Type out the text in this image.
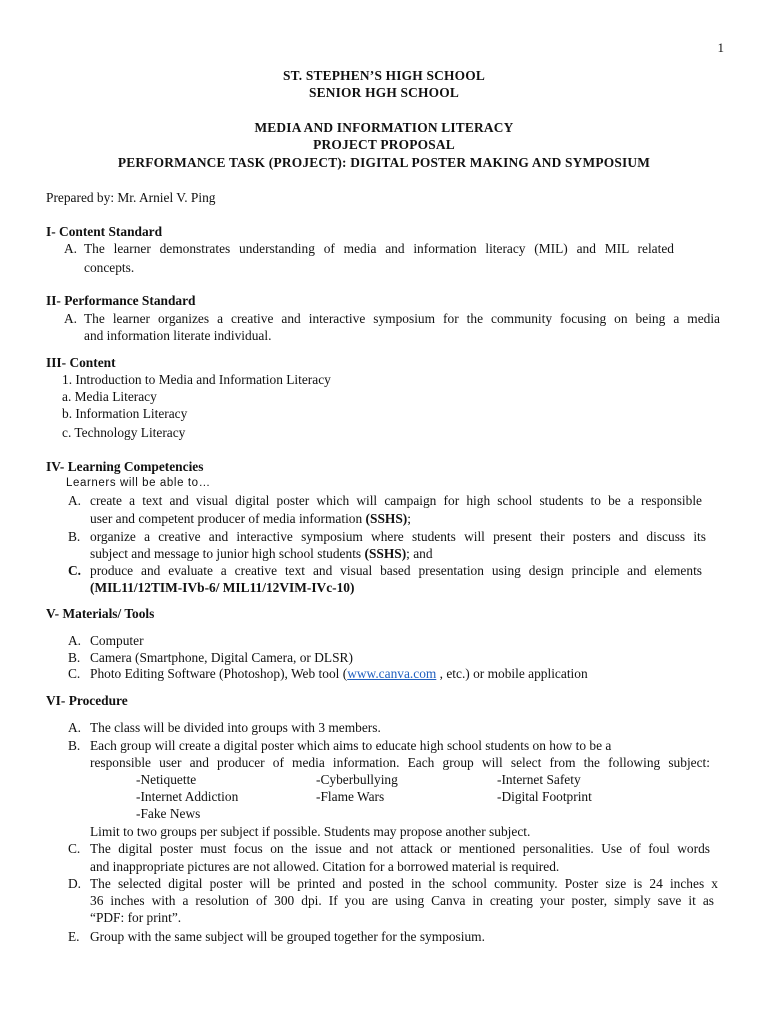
1
ST. STEPHEN’S HIGH SCHOOL
SENIOR HGH SCHOOL
MEDIA AND INFORMATION LITERACY
PROJECT PROPOSAL
PERFORMANCE TASK (PROJECT): DIGITAL POSTER MAKING AND SYMPOSIUM
Prepared by: Mr. Arniel V. Ping
I- Content Standard
A. The learner demonstrates understanding of media and information literacy (MIL) and MIL related
concepts.
II- Performance Standard
A. The learner organizes a creative and interactive symposium for the community focusing on being a media
and information literate individual.
III- Content
1. Introduction to Media and Information Literacy
a. Media Literacy
b. Information Literacy
c. Technology Literacy
IV- Learning Competencies
Learners will be able to…
A. create a text and visual digital poster which will campaign for high school students to be a responsible
user and competent producer of media information (SSHS);
B. organize a creative and interactive symposium where students will present their posters and discuss its
subject and message to junior high school students (SSHS); and
C. produce and evaluate a creative text and visual based presentation using design principle and elements
(MIL11/12TIM-IVb-6/ MIL11/12VIM-IVc-10)
V- Materials/ Tools
A. Computer
B. Camera (Smartphone, Digital Camera, or DLSR)
C. Photo Editing Software (Photoshop), Web tool (www.canva.com , etc.) or mobile application
VI- Procedure
A. The class will be divided into groups with 3 members.
B. Each group will create a digital poster which aims to educate high school students on how to be a
responsible user and producer of media information. Each group will select from the following subject:
-Netiquette	-Cyberbullying	-Internet Safety
-Internet Addiction	-Flame Wars	-Digital Footprint
-Fake News
Limit to two groups per subject if possible. Students may propose another subject.
C. The digital poster must focus on the issue and not attack or mentioned personalities. Use of foul words
and inappropriate pictures are not allowed. Citation for a borrowed material is required.
D. The selected digital poster will be printed and posted in the school community. Poster size is 24 inches x
36 inches with a resolution of 300 dpi. If you are using Canva in creating your poster, simply save it as
“PDF: for print”.
E. Group with the same subject will be grouped together for the symposium.
